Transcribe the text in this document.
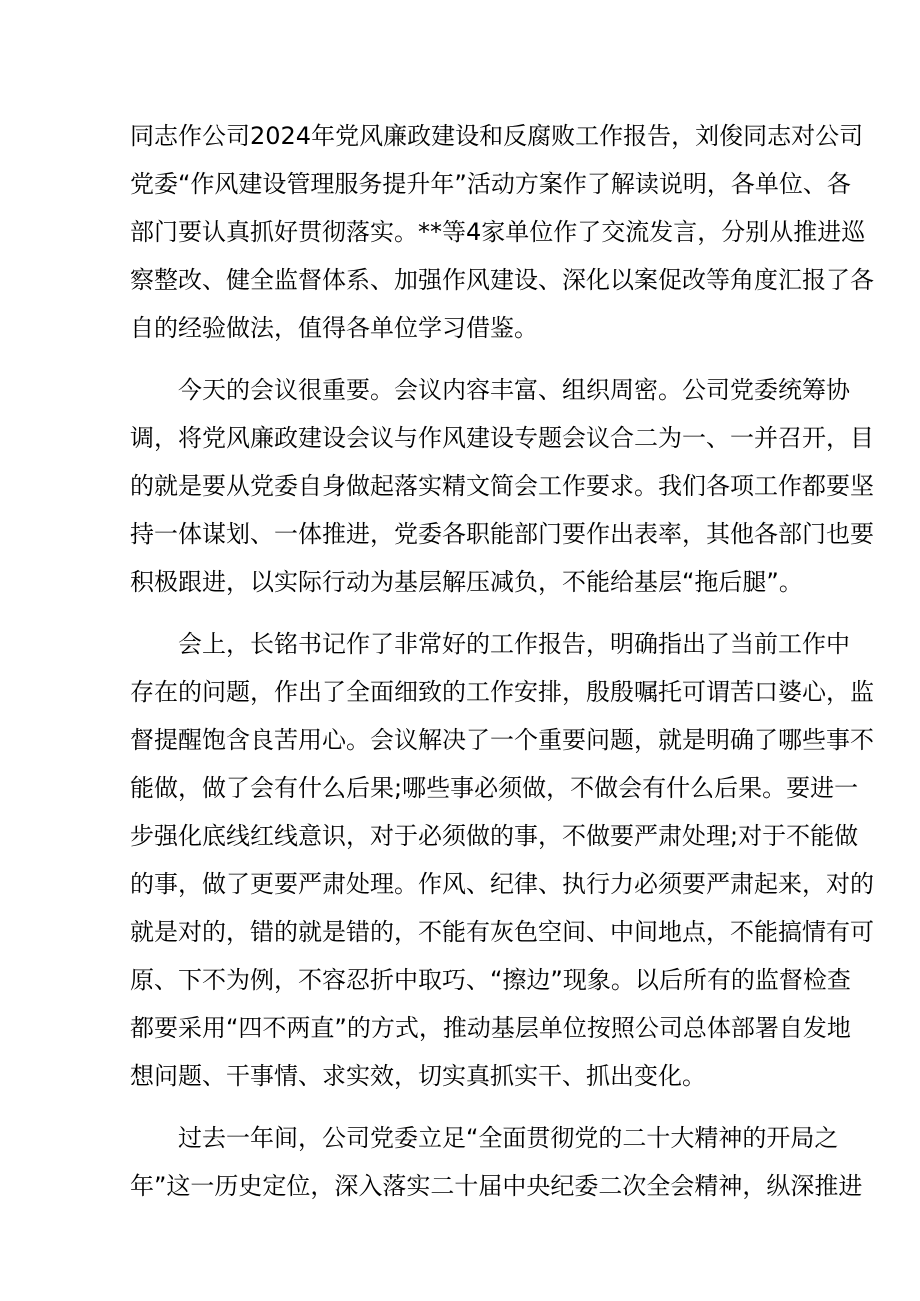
同志作公司2024年党风廉政建设和反腐败工作报告，刘俊同志对公司
党委“作风建设管理服务提升年”活动方案作了解读说明，各单位、各
部门要认真抓好贯彻落实。**等4家单位作了交流发言，分别从推进巡
察整改、健全监督体系、加强作风建设、深化以案促改等角度汇报了各
自的经验做法，值得各单位学习借鉴。
今天的会议很重要。会议内容丰富、组织周密。公司党委统筹协
调，将党风廉政建设会议与作风建设专题会议合二为一、一并召开，目
的就是要从党委自身做起落实精文简会工作要求。我们各项工作都要坚
持一体谋划、一体推进，党委各职能部门要作出表率，其他各部门也要
积极跟进，以实际行动为基层解压减负，不能给基层“拖后腿”。
会上，长铭书记作了非常好的工作报告，明确指出了当前工作中
存在的问题，作出了全面细致的工作安排，殷殷嘱托可谓苦口婆心，监
督提醒饱含良苦用心。会议解决了一个重要问题，就是明确了哪些事不
能做，做了会有什么后果;哪些事必须做，不做会有什么后果。要进一
步强化底线红线意识，对于必须做的事，不做要严肃处理;对于不能做
的事，做了更要严肃处理。作风、纪律、执行力必须要严肃起来，对的
就是对的，错的就是错的，不能有灰色空间、中间地点，不能搞情有可
原、下不为例，不容忍折中取巧、“擦边”现象。以后所有的监督检查
都要采用“四不两直”的方式，推动基层单位按照公司总体部署自发地
想问题、干事情、求实效，切实真抓实干、抓出变化。
过去一年间，公司党委立足“全面贯彻党的二十大精神的开局之
年”这一历史定位，深入落实二十届中央纪委二次全会精神，纵深推进
